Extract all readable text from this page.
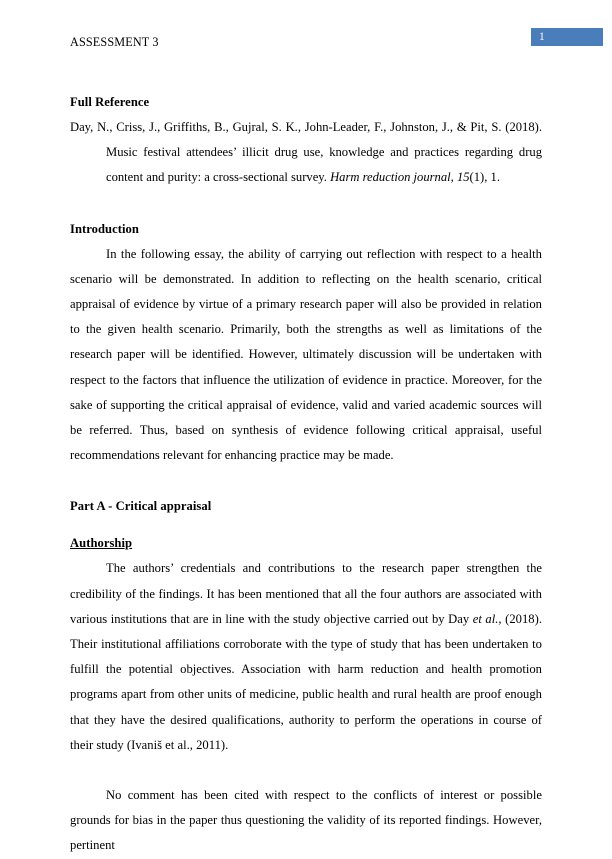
ASSESSMENT 3	1
Full Reference

Day, N., Criss, J., Griffiths, B., Gujral, S. K., John-Leader, F., Johnston, J., & Pit, S. (2018). Music festival attendees’ illicit drug use, knowledge and practices regarding drug content and purity: a cross-sectional survey. Harm reduction journal, 15(1), 1.

Introduction

In the following essay, the ability of carrying out reflection with respect to a health scenario will be demonstrated. In addition to reflecting on the health scenario, critical appraisal of evidence by virtue of a primary research paper will also be provided in relation to the given health scenario. Primarily, both the strengths as well as limitations of the research paper will be identified. However, ultimately discussion will be undertaken with respect to the factors that influence the utilization of evidence in practice. Moreover, for the sake of supporting the critical appraisal of evidence, valid and varied academic sources will be referred. Thus, based on synthesis of evidence following critical appraisal, useful recommendations relevant for enhancing practice may be made.

Part A - Critical appraisal
Authorship

The authors’ credentials and contributions to the research paper strengthen the credibility of the findings. It has been mentioned that all the four authors are associated with various institutions that are in line with the study objective carried out by Day et al., (2018). Their institutional affiliations corroborate with the type of study that has been undertaken to fulfill the potential objectives. Association with harm reduction and health promotion programs apart from other units of medicine, public health and rural health are proof enough that they have the desired qualifications, authority to perform the operations in course of their study (Ivaniš et al., 2011).

No comment has been cited with respect to the conflicts of interest or possible grounds for bias in the paper thus questioning the validity of its reported findings. However, pertinent
